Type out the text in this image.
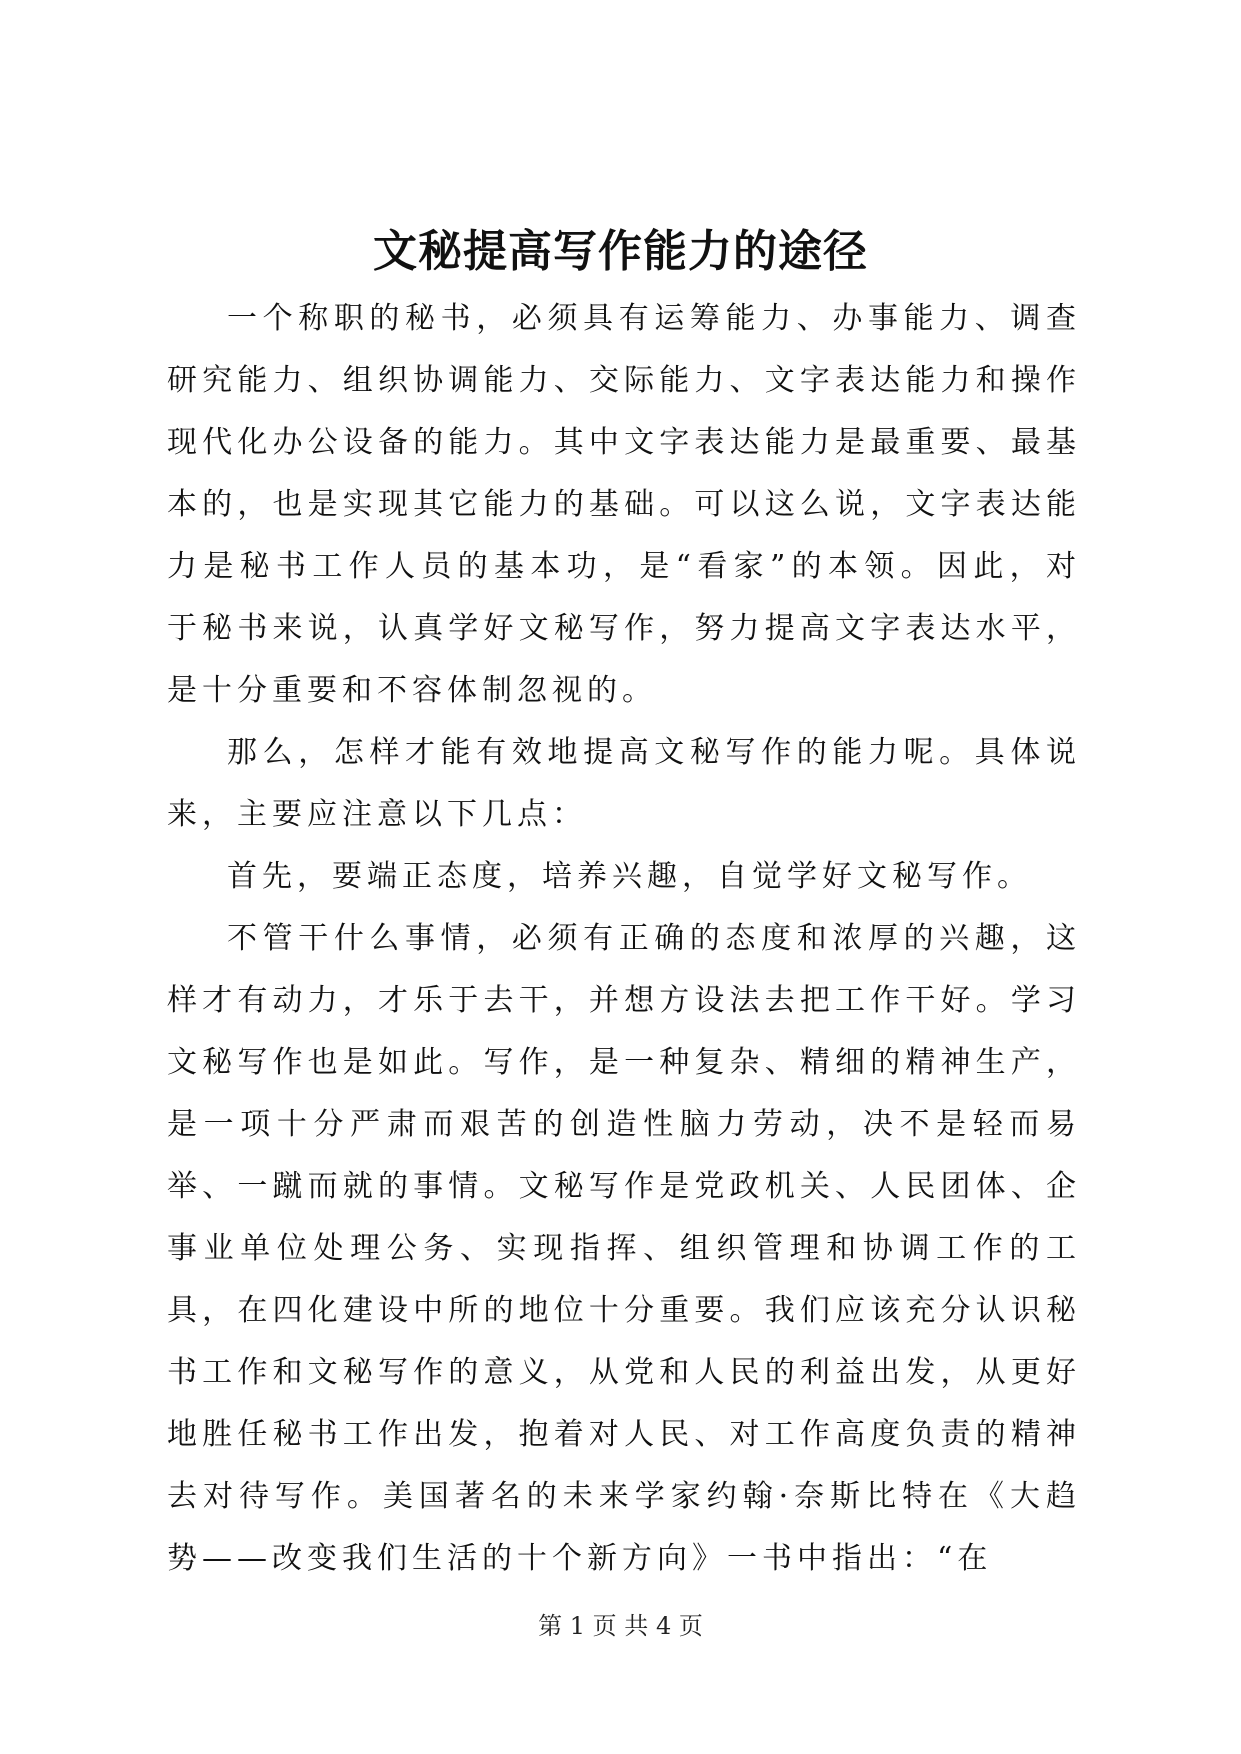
文秘提高写作能力的途径

一个称职的秘书，必须具有运筹能力、办事能力、调查研究能力、组织协调能力、交际能力、文字表达能力和操作现代化办公设备的能力。其中文字表达能力是最重要、最基本的，也是实现其它能力的基础。可以这么说，文字表达能力是秘书工作人员的基本功，是“看家”的本领。因此，对于秘书来说，认真学好文秘写作，努力提高文字表达水平，是十分重要和不容体制忽视的。

那么，怎样才能有效地提高文秘写作的能力呢。具体说来，主要应注意以下几点：

首先，要端正态度，培养兴趣，自觉学好文秘写作。

不管干什么事情，必须有正确的态度和浓厚的兴趣，这样才有动力，才乐于去干，并想方设法去把工作干好。学习文秘写作也是如此。写作，是一种复杂、精细的精神生产，是一项十分严肃而艰苦的创造性脑力劳动，决不是轻而易举、一蹴而就的事情。文秘写作是党政机关、人民团体、企事业单位处理公务、实现指挥、组织管理和协调工作的工具，在四化建设中所的地位十分重要。我们应该充分认识秘书工作和文秘写作的意义，从党和人民的利益出发，从更好地胜任秘书工作出发，抱着对人民、对工作高度负责的精神去对待写作。美国著名的未来学家约翰·奈斯比特在《大趋势——改变我们生活的十个新方向》一书中指出：“在

第 1 页 共 4 页
